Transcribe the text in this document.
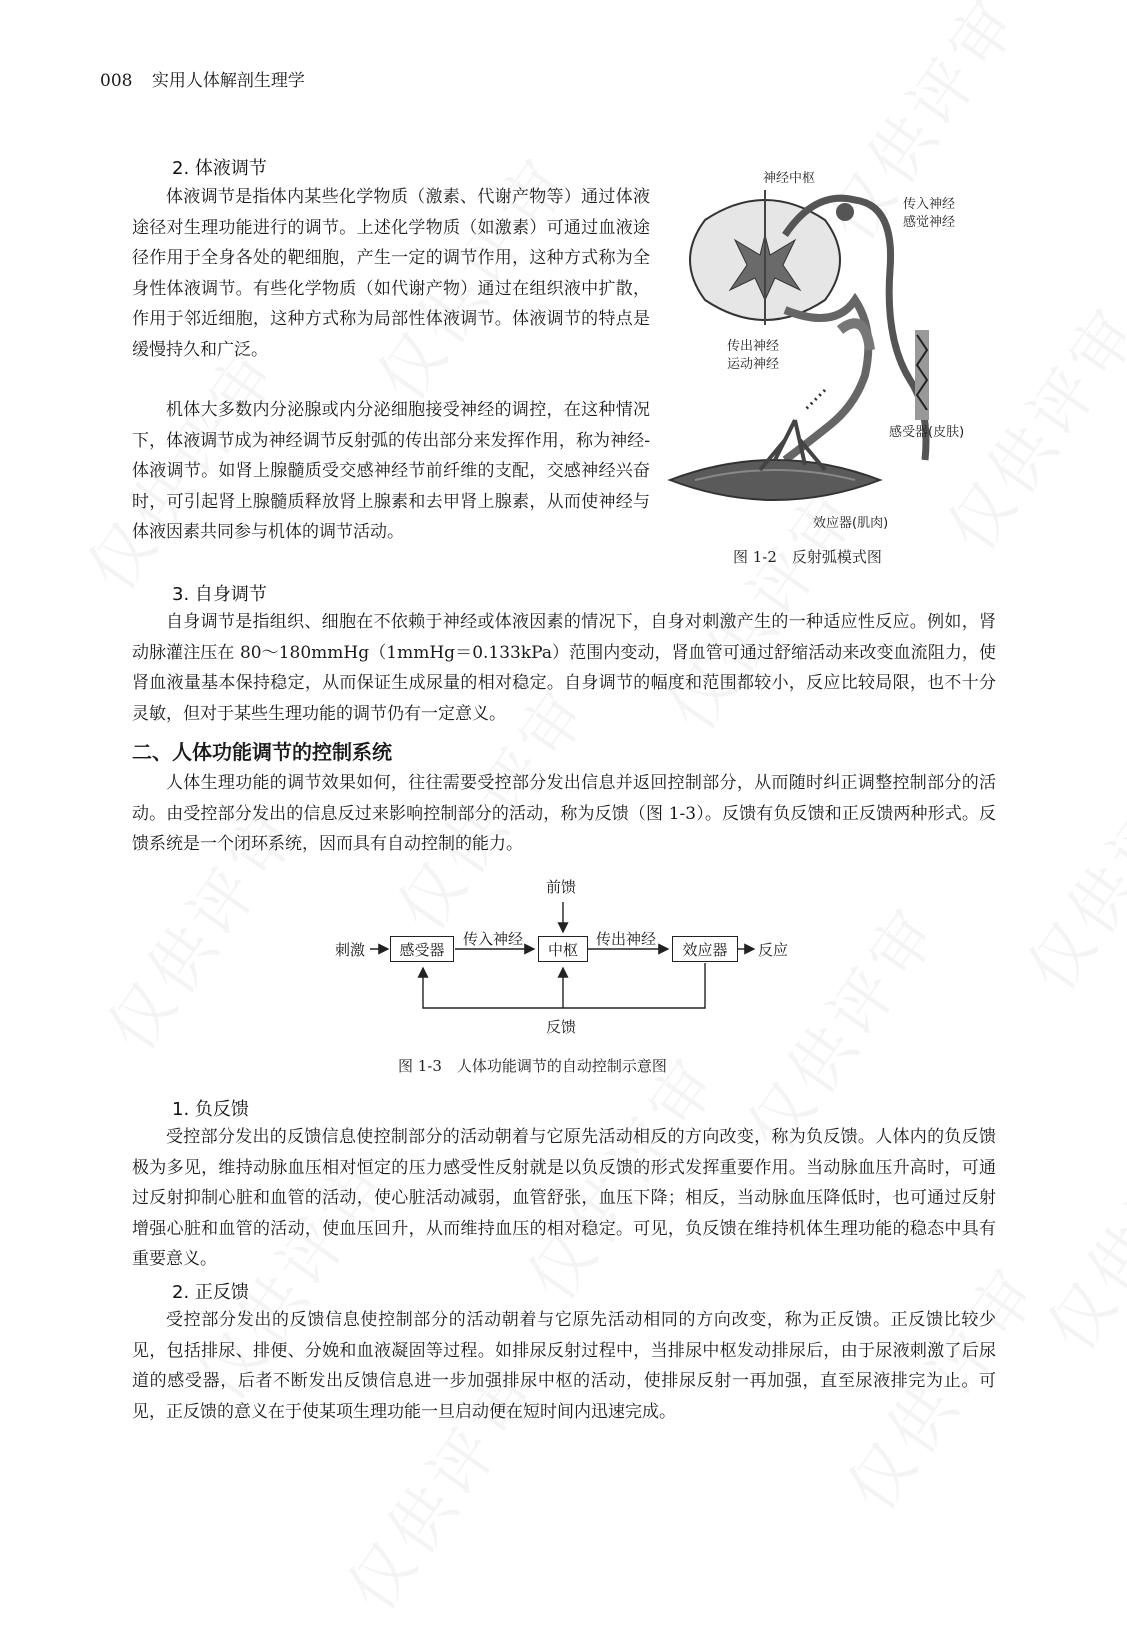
008 实用人体解剖生理学
2. 体液调节

体液调节是指体内某些化学物质（激素、代谢产物等）通过体液途径对生理功能进行的调节。上述化学物质（如激素）可通过血液途径作用于全身各处的靶细胞，产生一定的调节作用，这种方式称为全身性体液调节。有些化学物质（如代谢产物）通过在组织液中扩散，作用于邻近细胞，这种方式称为局部性体液调节。体液调节的特点是缓慢持久和广泛。

机体大多数内分泌腺或内分泌细胞接受神经的调控，在这种情况下，体液调节成为神经调节反射弧的传出部分来发挥作用，称为神经-体液调节。如肾上腺髓质受交感神经节前纤维的支配，交感神经兴奋时，可引起肾上腺髓质释放肾上腺素和去甲肾上腺素，从而使神经与体液因素共同参与机体的调节活动。

神经中枢
传入神经
感觉神经
传出神经
运动神经
感受器(皮肤)
效应器(肌肉)
图 1-2　反射弧模式图
3. 自身调节

自身调节是指组织、细胞在不依赖于神经或体液因素的情况下，自身对刺激产生的一种适应性反应。例如，肾动脉灌注压在 80～180mmHg（1mmHg＝0.133kPa）范围内变动，肾血管可通过舒缩活动来改变血流阻力，使肾血液量基本保持稳定，从而保证生成尿量的相对稳定。自身调节的幅度和范围都较小，反应比较局限，也不十分灵敏，但对于某些生理功能的调节仍有一定意义。

二、人体功能调节的控制系统

人体生理功能的调节效果如何，往往需要受控部分发出信息并返回控制部分，从而随时纠正调整控制部分的活动。由受控部分发出的信息反过来影响控制部分的活动，称为反馈（图 1-3）。反馈有负反馈和正反馈两种形式。反馈系统是一个闭环系统，因而具有自动控制的能力。

前馈
刺激	感受器
传入神经
中枢
传出神经
效应器	反应
反馈
图 1-3　人体功能调节的自动控制示意图
1. 负反馈

受控部分发出的反馈信息使控制部分的活动朝着与它原先活动相反的方向改变，称为负反馈。人体内的负反馈极为多见，维持动脉血压相对恒定的压力感受性反射就是以负反馈的形式发挥重要作用。当动脉血压升高时，可通过反射抑制心脏和血管的活动，使心脏活动减弱，血管舒张，血压下降；相反，当动脉血压降低时，也可通过反射增强心脏和血管的活动，使血压回升，从而维持血压的相对稳定。可见，负反馈在维持机体生理功能的稳态中具有重要意义。

2. 正反馈

受控部分发出的反馈信息使控制部分的活动朝着与它原先活动相同的方向改变，称为正反馈。正反馈比较少见，包括排尿、排便、分娩和血液凝固等过程。如排尿反射过程中，当排尿中枢发动排尿后，由于尿液刺激了后尿道的感受器，后者不断发出反馈信息进一步加强排尿中枢的活动，使排尿反射一再加强，直至尿液排完为止。可见，正反馈的意义在于使某项生理功能一旦启动便在短时间内迅速完成。
